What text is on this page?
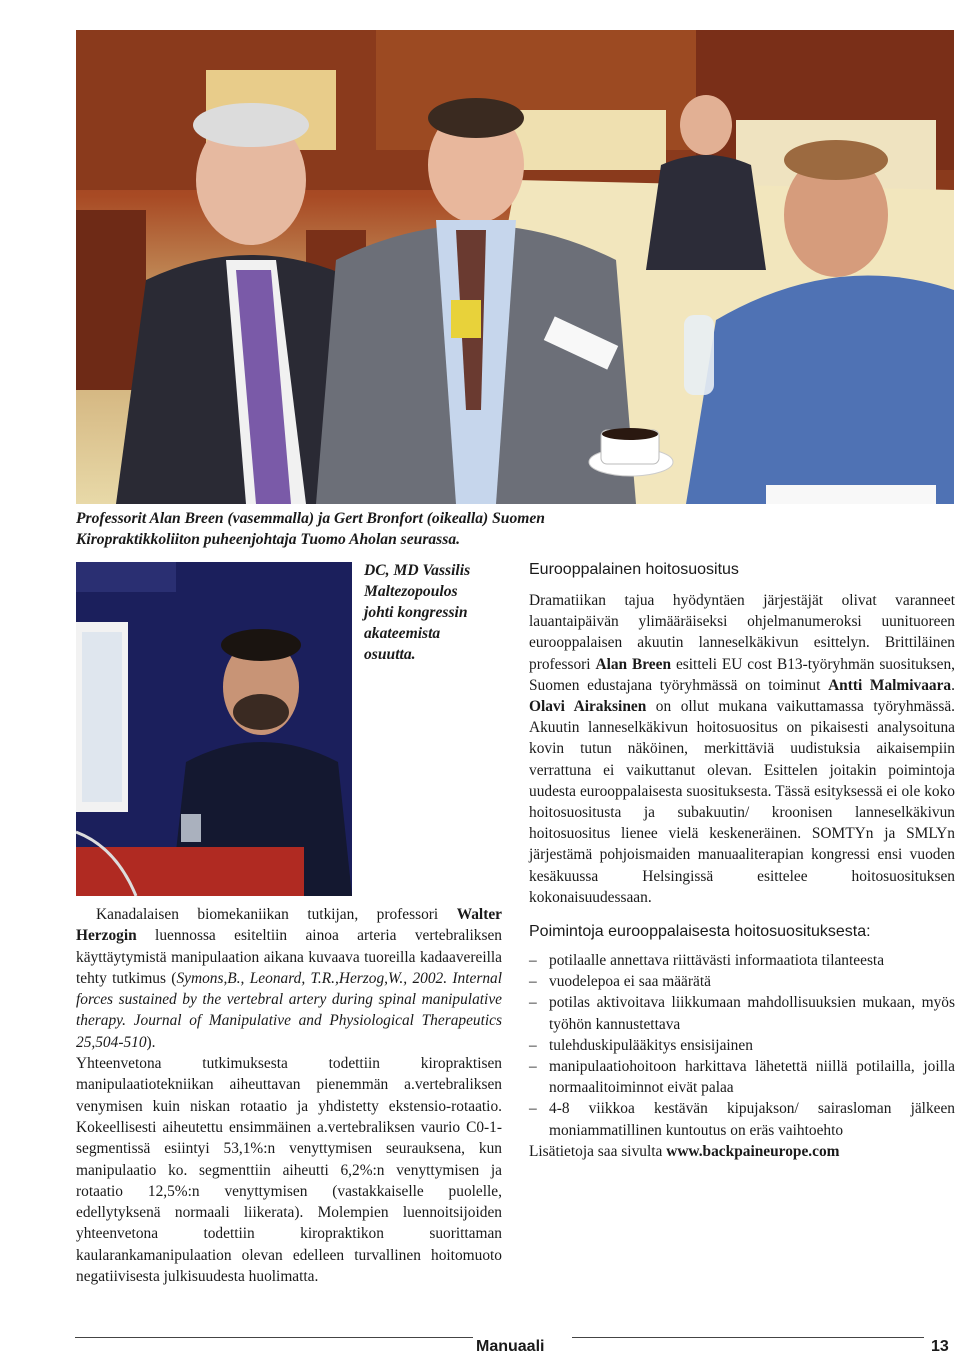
Professorit Alan Breen (vasemmalla) ja Gert Bronfort (oikealla) Suomen
Kiropraktikkoliiton puheenjohtaja Tuomo Aholan seurassa.
DC, MD Vassilis
Maltezopoulos
johti kongressin
akateemista
osuutta.

Kanadalaisen biomekaniikan tutkijan, professori Walter Herzogin luennossa esiteltiin ainoa arteria vertebraliksen käyttäytymistä manipulaation aikana kuvaava tuoreilla kadaavereilla tehty tutkimus (Symons,B., Leonard, T.R.,Herzog,W., 2002. Internal forces sustained by the vertebral artery during spinal manipulative therapy. Journal of Manipulative and Physiological Therapeutics 25,504-510).

Yhteenvetona tutkimuksesta todettiin kiropraktisen manipulaatiotekniikan aiheuttavan pienemmän a.vertebraliksen venymisen kuin niskan rotaatio ja yhdistetty ekstensio-rotaatio. Kokeellisesti aiheutettu ensimmäinen a.vertebraliksen vaurio C0-1-segmentissä esiintyi 53,1%:n venyttymisen seurauksena, kun manipulaatio ko. segmenttiin aiheutti 6,2%:n venyttymisen ja rotaatio 12,5%:n venyttymisen (vastakkaiselle puolelle, edellytyksenä normaali liikerata). Molempien luennoitsijoiden yhteenvetona todettiin kiropraktikon suorittaman kaularankamanipulaation olevan edelleen turvallinen hoitomuoto negatiivisesta julkisuudesta huolimatta.

Eurooppalainen hoitosuositus

Dramatiikan tajua hyödyntäen järjestäjät olivat varanneet lauantaipäivän ylimääräiseksi ohjelmanumeroksi uunituoreen eurooppalaisen akuutin lanneselkäkivun esittelyn. Brittiläinen professori Alan Breen esitteli EU cost B13-työryhmän suosituksen, Suomen edustajana työryhmässä on toiminut Antti Malmivaara. Olavi Airaksinen on ollut mukana vaikuttamassa työryhmässä. Akuutin lanneselkäkivun hoitosuositus on pikaisesti analysoituna kovin tutun näköinen, merkittäviä uudistuksia aikaisempiin verrattuna ei vaikuttanut olevan. Esittelen joitakin poimintoja uudesta eurooppalaisesta suosituksesta. Tässä esityksessä ei ole koko hoitosuositusta ja subakuutin/ kroonisen lanneselkäkivun hoitosuositus lienee vielä keskeneräinen. SOMTYn ja SMLYn järjestämä pohjoismaiden manuaaliterapian kongressi ensi vuoden kesäkuussa Helsingissä esittelee hoitosuosituksen kokonaisuudessaan.

Poimintoja eurooppalaisesta hoitosuosituksesta:
– potilaalle annettava riittävästi informaatiota tilanteesta
– vuodelepoa ei saa määrätä
– potilas aktivoitava liikkumaan mahdollisuuksien mukaan, myös työhön kannustettava
– tulehduskipulääkitys ensisijainen
– manipulaatiohoitoon harkittava lähetettä niillä potilailla, joilla normaalitoiminnot eivät palaa
– 4-8 viikkoa kestävän kipujakson/ sairasloman jälkeen moniammatillinen kuntoutus on eräs vaihtoehto

Lisätietoja saa sivulta www.backpaineurope.com

Manuaali	13
